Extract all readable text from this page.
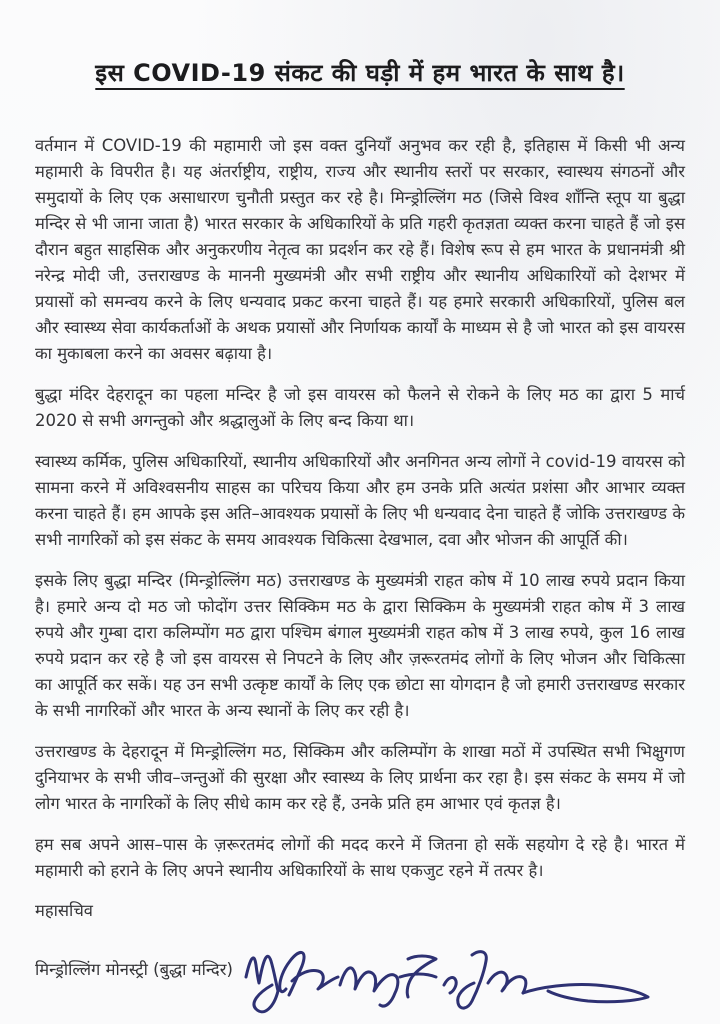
इस COVID-19 संकट की घड़ी में हम भारत के साथ है।

वर्तमान में COVID-19 की महामारी जो इस वक्त दुनियाँ अनुभव कर रही है, इतिहास में किसी भी अन्य महामारी के विपरीत है। यह अंतर्राष्ट्रीय, राष्ट्रीय, राज्य और स्थानीय स्तरों पर सरकार, स्वास्थय संगठनों और समुदायों के लिए एक असाधारण चुनौती प्रस्तुत कर रहे है। मिन्ड्रोल्लिंग मठ (जिसे विश्व शाँन्ति स्तूप या बुद्धा मन्दिर से भी जाना जाता है) भारत सरकार के अधिकारियों के प्रति गहरी कृतज्ञता व्यक्त करना चाहते हैं जो इस दौरान बहुत साहसिक और अनुकरणीय नेतृत्व का प्रदर्शन कर रहे हैं। विशेष रूप से हम भारत के प्रधानमंत्री श्री नरेन्द्र मोदी जी, उत्तराखण्ड के माननी मुख्यमंत्री और सभी राष्ट्रीय और स्थानीय अधिकारियों को देशभर में प्रयासों को समन्वय करने के लिए धन्यवाद प्रकट करना चाहते हैं। यह हमारे सरकारी अधिकारियों, पुलिस बल और स्वास्थ्य सेवा कार्यकर्ताओं के अथक प्रयासों और निर्णायक कार्यों के माध्यम से है जो भारत को इस वायरस का मुकाबला करने का अवसर बढ़ाया है।

बुद्धा मंदिर देहरादून का पहला मन्दिर है जो इस वायरस को फैलने से रोकने के लिए मठ का द्वारा 5 मार्च 2020 से सभी अगन्तुको और श्रद्धालुओं के लिए बन्द किया था।

स्वास्थ्य कर्मिक, पुलिस अधिकारियों, स्थानीय अधिकारियों और अनगिनत अन्य लोगों ने covid-19 वायरस को सामना करने में अविश्वसनीय साहस का परिचय किया और हम उनके प्रति अत्यंत प्रशंसा और आभार व्यक्त करना चाहते हैं। हम आपके इस अति–आवश्यक प्रयासों के लिए भी धन्यवाद देना चाहते हैं जोकि उत्तराखण्ड के सभी नागरिकों को इस संकट के समय आवश्यक चिकित्सा देखभाल, दवा और भोजन की आपूर्ति की।

इसके लिए बुद्धा मन्दिर (मिन्ड्रोल्लिंग मठ) उत्तराखण्ड के मुख्यमंत्री राहत कोष में 10 लाख रुपये प्रदान किया है। हमारे अन्य दो मठ जो फोदोंग उत्तर सिक्किम मठ के द्वारा सिक्किम के मुख्यमंत्री राहत कोष में 3 लाख रुपये और गुम्बा दारा कलिम्पोंग मठ द्वारा पश्चिम बंगाल मुख्यमंत्री राहत कोष में 3 लाख रुपये, कुल 16 लाख रुपये प्रदान कर रहे है जो इस वायरस से निपटने के लिए और ज़रूरतमंद लोगों के लिए भोजन और चिकित्सा का आपूर्ति कर सकें। यह उन सभी उत्कृष्ट कार्यों के लिए एक छोटा सा योगदान है जो हमारी उत्तराखण्ड सरकार के सभी नागरिकों और भारत के अन्य स्थानों के लिए कर रही है।

उत्तराखण्ड के देहरादून में मिन्ड्रोल्लिंग मठ, सिक्किम और कलिम्पोंग के शाखा मठों में उपस्थित सभी भिक्षुगण दुनियाभर के सभी जीव–जन्तुओं की सुरक्षा और स्वास्थ्य के लिए प्रार्थना कर रहा है। इस संकट के समय में जो लोग भारत के नागरिकों के लिए सीधे काम कर रहे हैं, उनके प्रति हम आभार एवं कृतज्ञ है।

हम सब अपने आस–पास के ज़रूरतमंद लोगों की मदद करने में जितना हो सकें सहयोग दे रहे है। भारत में महामारी को हराने के लिए अपने स्थानीय अधिकारियों के साथ एकजुट रहने में तत्पर है।

महासचिव

मिन्ड्रोल्लिंग मोनस्ट्री (बुद्धा मन्दिर)
